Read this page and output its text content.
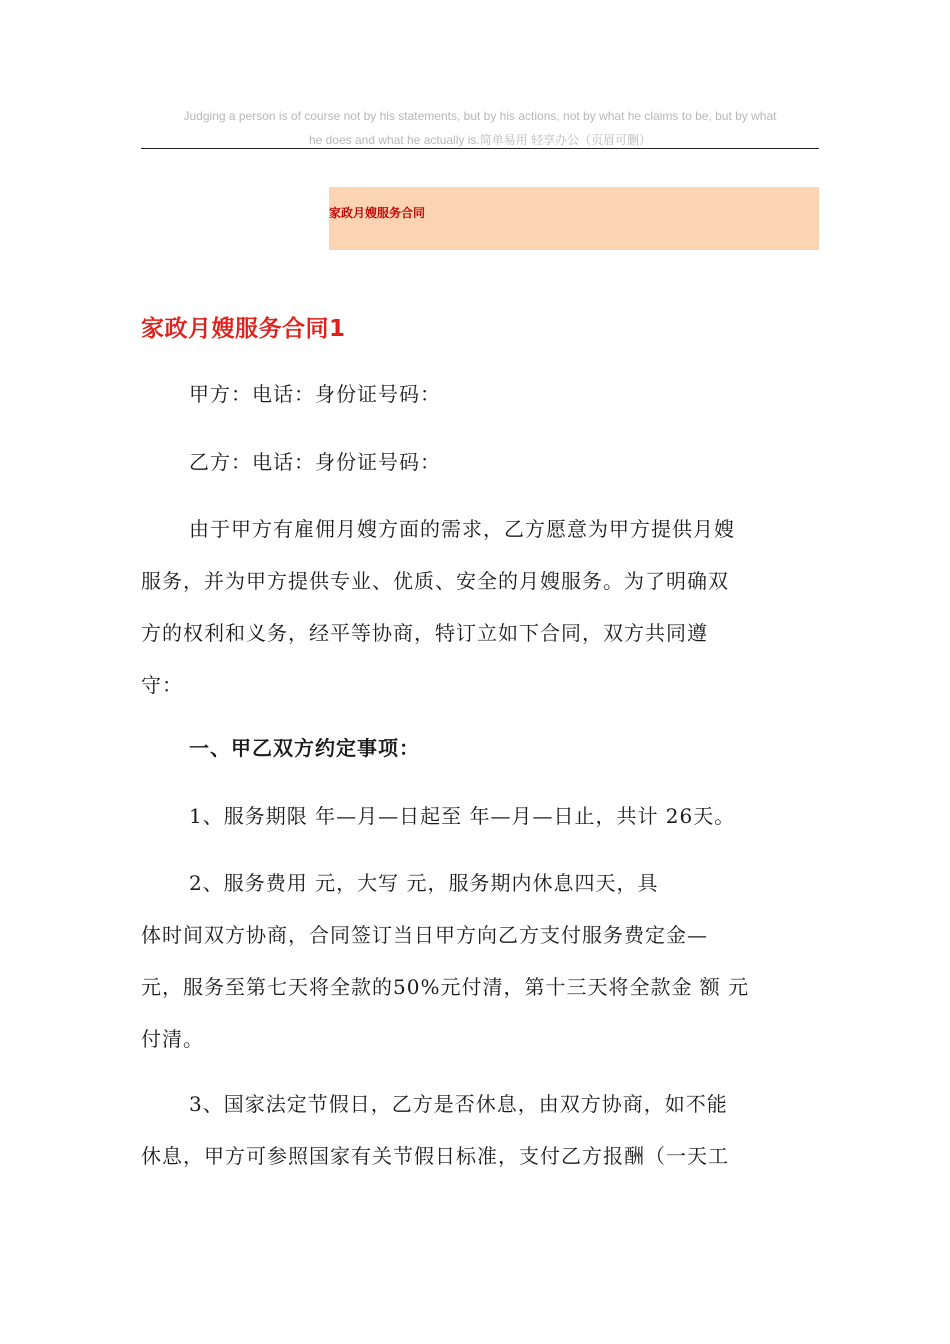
Judging a person is of course not by his statements, but by his actions, not by what he claims to be, but by what
he does and what he actually is.简单易用 轻享办公（页眉可删）
家政月嫂服务合同
家政月嫂服务合同1
甲方：电话：身份证号码：
乙方：电话：身份证号码：
由于甲方有雇佣月嫂方面的需求，乙方愿意为甲方提供月嫂
服务，并为甲方提供专业、优质、安全的月嫂服务。为了明确双
方的权利和义务，经平等协商，特订立如下合同，双方共同遵
守：
一、甲乙双方约定事项：
1、服务期限 年—月—日起至 年—月—日止，共计 26天。
2、服务费用 元，大写 元，服务期内休息四天，具
体时间双方协商，合同签订当日甲方向乙方支付服务费定金—
元，服务至第七天将全款的50%元付清，第十三天将全款金 额 元
付清。
3、国家法定节假日，乙方是否休息，由双方协商，如不能
休息，甲方可参照国家有关节假日标准，支付乙方报酬（一天工
